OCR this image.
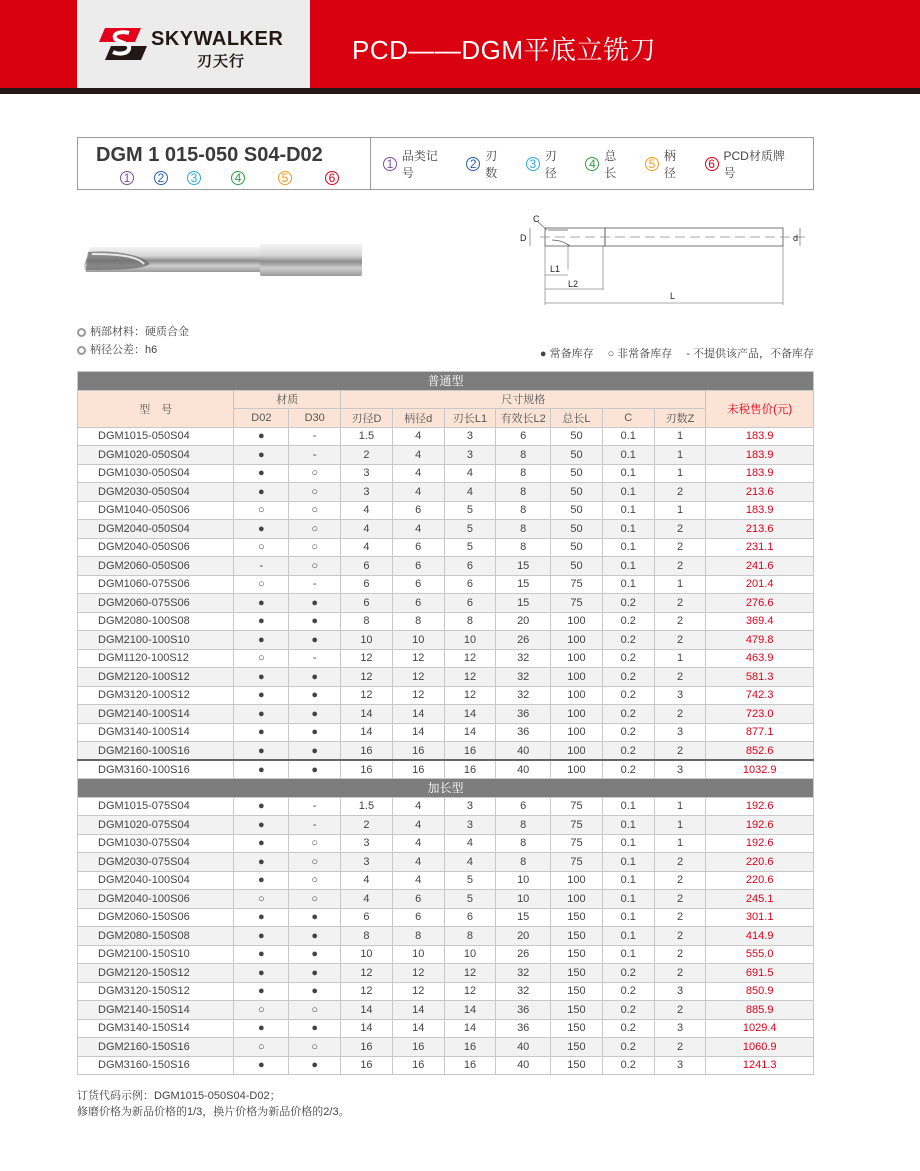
SKYWALKER
刃天行	PCD——DGM平底立铣刀
DGM 1 015-050 S04-D02
1	2	3	4	5	6
1
品类记号
2
刃数
3
刃径
4
总长
5
柄径
6
PCD材质牌号
C
D	d
L1
L2
L
柄部材料：硬质合金
柄径公差：h6	● 常备库存 ○ 非常备库存 - 不提供该产品，不备库存
普通型										
型　号	材质		尺寸规格							未税售价(元)
	D02	D30	刃径D	柄径d	刃长L1	有效长L2	总长L	C	刃数Z	
DGM1015-050S04	●	-	1.5	4	3	6	50	0.1	1	183.9
DGM1020-050S04	●	-	2	4	3	8	50	0.1	1	183.9
DGM1030-050S04	●	○	3	4	4	8	50	0.1	1	183.9
DGM2030-050S04	●	○	3	4	4	8	50	0.1	2	213.6
DGM1040-050S06	○	○	4	6	5	8	50	0.1	1	183.9
DGM2040-050S04	●	○	4	4	5	8	50	0.1	2	213.6
DGM2040-050S06	○	○	4	6	5	8	50	0.1	2	231.1
DGM2060-050S06	-	○	6	6	6	15	50	0.1	2	241.6
DGM1060-075S06	○	-	6	6	6	15	75	0.1	1	201.4
DGM2060-075S06	●	●	6	6	6	15	75	0.2	2	276.6
DGM2080-100S08	●	●	8	8	8	20	100	0.2	2	369.4
DGM2100-100S10	●	●	10	10	10	26	100	0.2	2	479.8
DGM1120-100S12	○	-	12	12	12	32	100	0.2	1	463.9
DGM2120-100S12	●	●	12	12	12	32	100	0.2	2	581.3
DGM3120-100S12	●	●	12	12	12	32	100	0.2	3	742.3
DGM2140-100S14	●	●	14	14	14	36	100	0.2	2	723.0
DGM3140-100S14	●	●	14	14	14	36	100	0.2	3	877.1
DGM2160-100S16	●	●	16	16	16	40	100	0.2	2	852.6
DGM3160-100S16	●	●	16	16	16	40	100	0.2	3	1032.9
加长型										
DGM1015-075S04	●	-	1.5	4	3	6	75	0.1	1	192.6
DGM1020-075S04	●	-	2	4	3	8	75	0.1	1	192.6
DGM1030-075S04	●	○	3	4	4	8	75	0.1	1	192.6
DGM2030-075S04	●	○	3	4	4	8	75	0.1	2	220.6
DGM2040-100S04	●	○	4	4	5	10	100	0.1	2	220.6
DGM2040-100S06	○	○	4	6	5	10	100	0.1	2	245.1
DGM2060-150S06	●	●	6	6	6	15	150	0.1	2	301.1
DGM2080-150S08	●	●	8	8	8	20	150	0.1	2	414.9
DGM2100-150S10	●	●	10	10	10	26	150	0.1	2	555.0
DGM2120-150S12	●	●	12	12	12	32	150	0.2	2	691.5
DGM3120-150S12	●	●	12	12	12	32	150	0.2	3	850.9
DGM2140-150S14	○	○	14	14	14	36	150	0.2	2	885.9
DGM3140-150S14	●	●	14	14	14	36	150	0.2	3	1029.4
DGM2160-150S16	○	○	16	16	16	40	150	0.2	2	1060.9
DGM3160-150S16	●	●	16	16	16	40	150	0.2	3	1241.3
订货代码示例：DGM1015-050S04-D02；
修磨价格为新品价格的1/3，换片价格为新品价格的2/3。
